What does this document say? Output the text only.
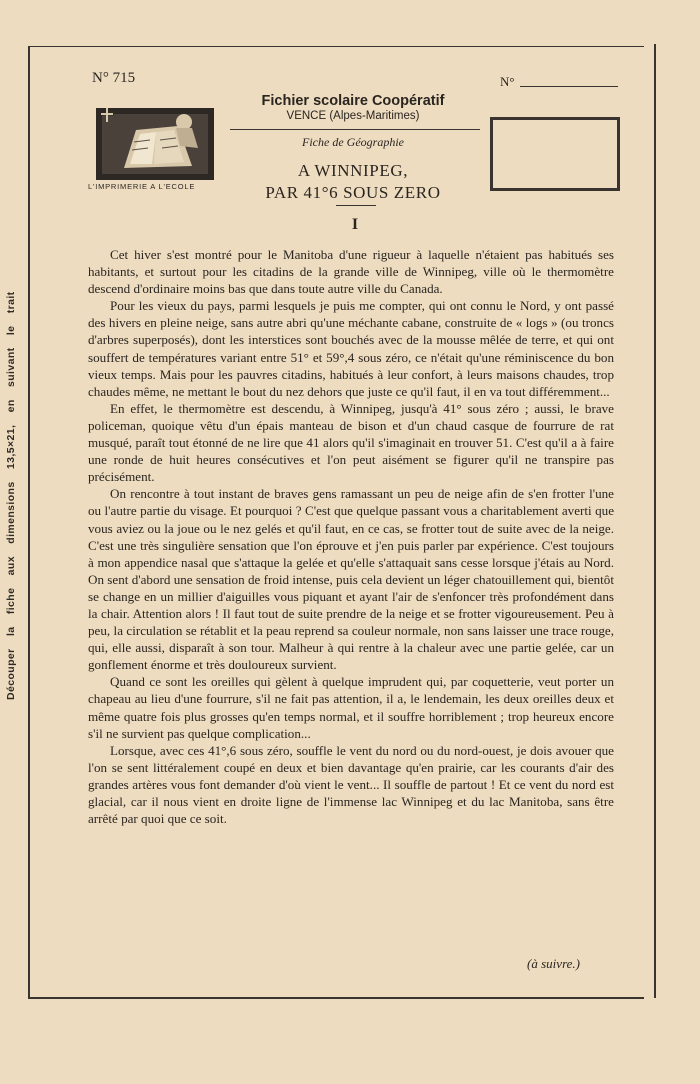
Découper la fiche aux dimensions 13,5×21, en suivant le trait
N° 715	N°
L'IMPRIMERIE A L'ECOLE
Fichier scolaire Coopératif
VENCE (Alpes-Maritimes)
Fiche de Géographie
A WINNIPEG,
PAR 41°6 SOUS ZERO
I

Cet hiver s'est montré pour le Manitoba d'une rigueur à laquelle n'étaient pas habitués ses habitants, et surtout pour les citadins de la grande ville de Winnipeg, ville où le thermomètre descend d'ordinaire moins bas que dans toute autre ville du Canada.

Pour les vieux du pays, parmi lesquels je puis me compter, qui ont connu le Nord, y ont passé des hivers en pleine neige, sans autre abri qu'une méchante cabane, construite de « logs » (ou troncs d'arbres superposés), dont les interstices sont bouchés avec de la mousse mêlée de terre, et qui ont souffert de températures variant entre 51° et 59°,4 sous zéro, ce n'était qu'une réminiscence du bon vieux temps. Mais pour les pauvres citadins, habitués à leur confort, à leurs maisons chaudes, trop chaudes même, ne mettant le bout du nez dehors que juste ce qu'il faut, il en va tout différemment...

En effet, le thermomètre est descendu, à Winnipeg, jusqu'à 41° sous zéro ; aussi, le brave policeman, quoique vêtu d'un épais manteau de bison et d'un chaud casque de fourrure de rat musqué, paraît tout étonné de ne lire que 41 alors qu'il s'imaginait en trouver 51. C'est qu'il a à faire une ronde de huit heures consécutives et l'on peut aisément se figurer qu'il ne transpire pas précisément.

On rencontre à tout instant de braves gens ramassant un peu de neige afin de s'en frotter l'une ou l'autre partie du visage. Et pourquoi ? C'est que quelque passant vous a charitablement averti que vous aviez ou la joue ou le nez gelés et qu'il faut, en ce cas, se frotter tout de suite avec de la neige. C'est une très singulière sensation que l'on éprouve et j'en puis parler par expérience. C'est toujours à mon appendice nasal que s'attaque la gelée et qu'elle s'attaquait sans cesse lorsque j'étais au Nord. On sent d'abord une sensation de froid intense, puis cela devient un léger chatouillement qui, bientôt se change en un millier d'aiguilles vous piquant et ayant l'air de s'enfoncer très profondément dans la chair. Attention alors ! Il faut tout de suite prendre de la neige et se frotter vigoureusement. Peu à peu, la circulation se rétablit et la peau reprend sa couleur normale, non sans laisser une trace rouge, qui, elle aussi, disparaît à son tour. Malheur à qui rentre à la chaleur avec une partie gelée, car un gonflement énorme et très douloureux survient.

Quand ce sont les oreilles qui gèlent à quelque imprudent qui, par coquetterie, veut porter un chapeau au lieu d'une fourrure, s'il ne fait pas attention, il a, le lendemain, les deux oreilles deux et même quatre fois plus grosses qu'en temps normal, et il souffre horriblement ; trop heureux encore s'il ne survient pas quelque complication...

Lorsque, avec ces 41°,6 sous zéro, souffle le vent du nord ou du nord-ouest, je dois avouer que l'on se sent littéralement coupé en deux et bien davantage qu'en prairie, car les courants d'air des grandes artères vous font demander d'où vient le vent... Il souffle de partout ! Et ce vent du nord est glacial, car il nous vient en droite ligne de l'immense lac Winnipeg et du lac Manitoba, sans être arrêté par quoi que ce soit.

(à suivre.)
